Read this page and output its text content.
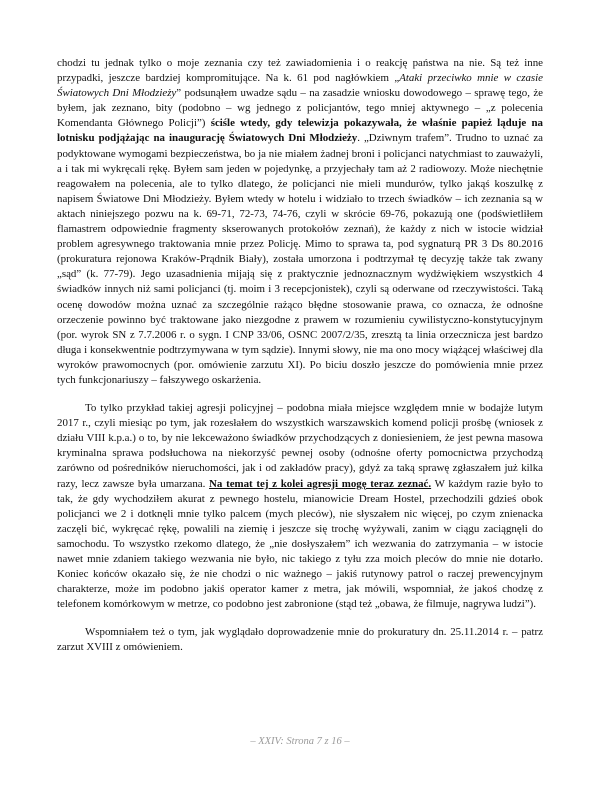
chodzi tu jednak tylko o moje zeznania czy też zawiadomienia i o reakcję państwa na nie. Są też inne przypadki, jeszcze bardziej kompromitujące. Na k. 61 pod nagłówkiem „Ataki przeciwko mnie w czasie Światowych Dni Młodzieży” podsunąłem uwadze sądu – na zasadzie wniosku dowodowego – sprawę tego, że byłem, jak zeznano, bity (podobno – wg jednego z policjantów, tego mniej aktywnego – „z polecenia Komendanta Głównego Policji”) ściśle wtedy, gdy telewizja pokazywała, że właśnie papież ląduje na lotnisku podjążając na inaugurację Światowych Dni Młodzieży. „Dziwnym trafem”. Trudno to uznać za podyktowane wymogami bezpieczeństwa, bo ja nie miałem żadnej broni i policjanci natychmiast to zauważyli, a i tak mi wykręcali rękę. Byłem sam jeden w pojedynkę, a przyjechały tam aż 2 radiowozy. Może niechętnie reagowałem na polecenia, ale to tylko dlatego, że policjanci nie mieli mundurów, tylko jakąś koszulkę z napisem Światowe Dni Młodzieży. Byłem wtedy w hotelu i widziało to trzech świadków – ich zeznania są w aktach niniejszego pozwu na k. 69-71, 72-73, 74-76, czyli w skrócie 69-76, pokazują one (podświetliłem flamastrem odpowiednie fragmenty skserowanych protokołów zeznań), że każdy z nich w istocie widział problem agresywnego traktowania mnie przez Policję. Mimo to sprawa ta, pod sygnaturą PR 3 Ds 80.2016 (prokuratura rejonowa Kraków-Prądnik Biały), została umorzona i podtrzymał tę decyzję także tak zwany „sąd” (k. 77-79). Jego uzasadnienia mijają się z praktycznie jednoznacznym wydźwiękiem wszystkich 4 świadków innych niż sami policjanci (tj. moim i 3 recepcjonistek), czyli są oderwane od rzeczywistości. Taką ocenę dowodów można uznać za szczególnie rażąco błędne stosowanie prawa, co oznacza, że odnośne orzeczenie powinno być traktowane jako niezgodne z prawem w rozumieniu cywilistyczno-konstytucyjnym (por. wyrok SN z 7.7.2006 r. o sygn. I CNP 33/06, OSNC 2007/2/35, zresztą ta linia orzecznicza jest bardzo długa i konsekwentnie podtrzymywana w tym sądzie). Innymi słowy, nie ma ono mocy wiążącej właściwej dla wyroków prawomocnych (por. omówienie zarzutu XI). Po biciu doszło jeszcze do pomówienia mnie przez tych funkcjonariuszy – fałszywego oskarżenia.

To tylko przykład takiej agresji policyjnej – podobna miała miejsce względem mnie w bodajże lutym 2017 r., czyli miesiąc po tym, jak rozesłałem do wszystkich warszawskich komend policji prośbę (wniosek z działu VIII k.p.a.) o to, by nie lekceważono świadków przychodzących z doniesieniem, że jest pewna masowa kryminalna sprawa podsłuchowa na niekorzyść pewnej osoby (odnośne oferty pomocnictwa przychodzą zarówno od pośredników nieruchomości, jak i od zakładów pracy), gdyż za taką sprawę zgłaszałem już kilka razy, lecz zawsze była umarzana. Na temat tej z kolei agresji mogę teraz zeznać. W każdym razie było to tak, że gdy wychodziłem akurat z pewnego hostelu, mianowicie Dream Hostel, przechodzili gdzieś obok policjanci we 2 i dotknęli mnie tylko palcem (mych pleców), nie słyszałem nic więcej, po czym znienacka zaczęli bić, wykręcać rękę, powalili na ziemię i jeszcze się trochę wyżywali, zanim w ciągu zaciągnęli do samochodu. To wszystko rzekomo dlatego, że „nie dosłyszałem” ich wezwania do zatrzymania – w istocie nawet mnie zdaniem takiego wezwania nie było, nic takiego z tyłu zza moich pleców do mnie nie dotarło. Koniec końców okazało się, że nie chodzi o nic ważnego – jakiś rutynowy patrol o raczej prewencyjnym charakterze, może im podobno jakiś operator kamer z metra, jak mówili, wspomniał, że jakoś chodzę z telefonem komórkowym w metrze, co podobno jest zabronione (stąd też „obawa, że filmuje, nagrywa ludzi”).

Wspomniałem też o tym, jak wyglądało doprowadzenie mnie do prokuratury dn. 25.11.2014 r. – patrz zarzut XVIII z omówieniem.

– XXIV: Strona 7 z 16 –
